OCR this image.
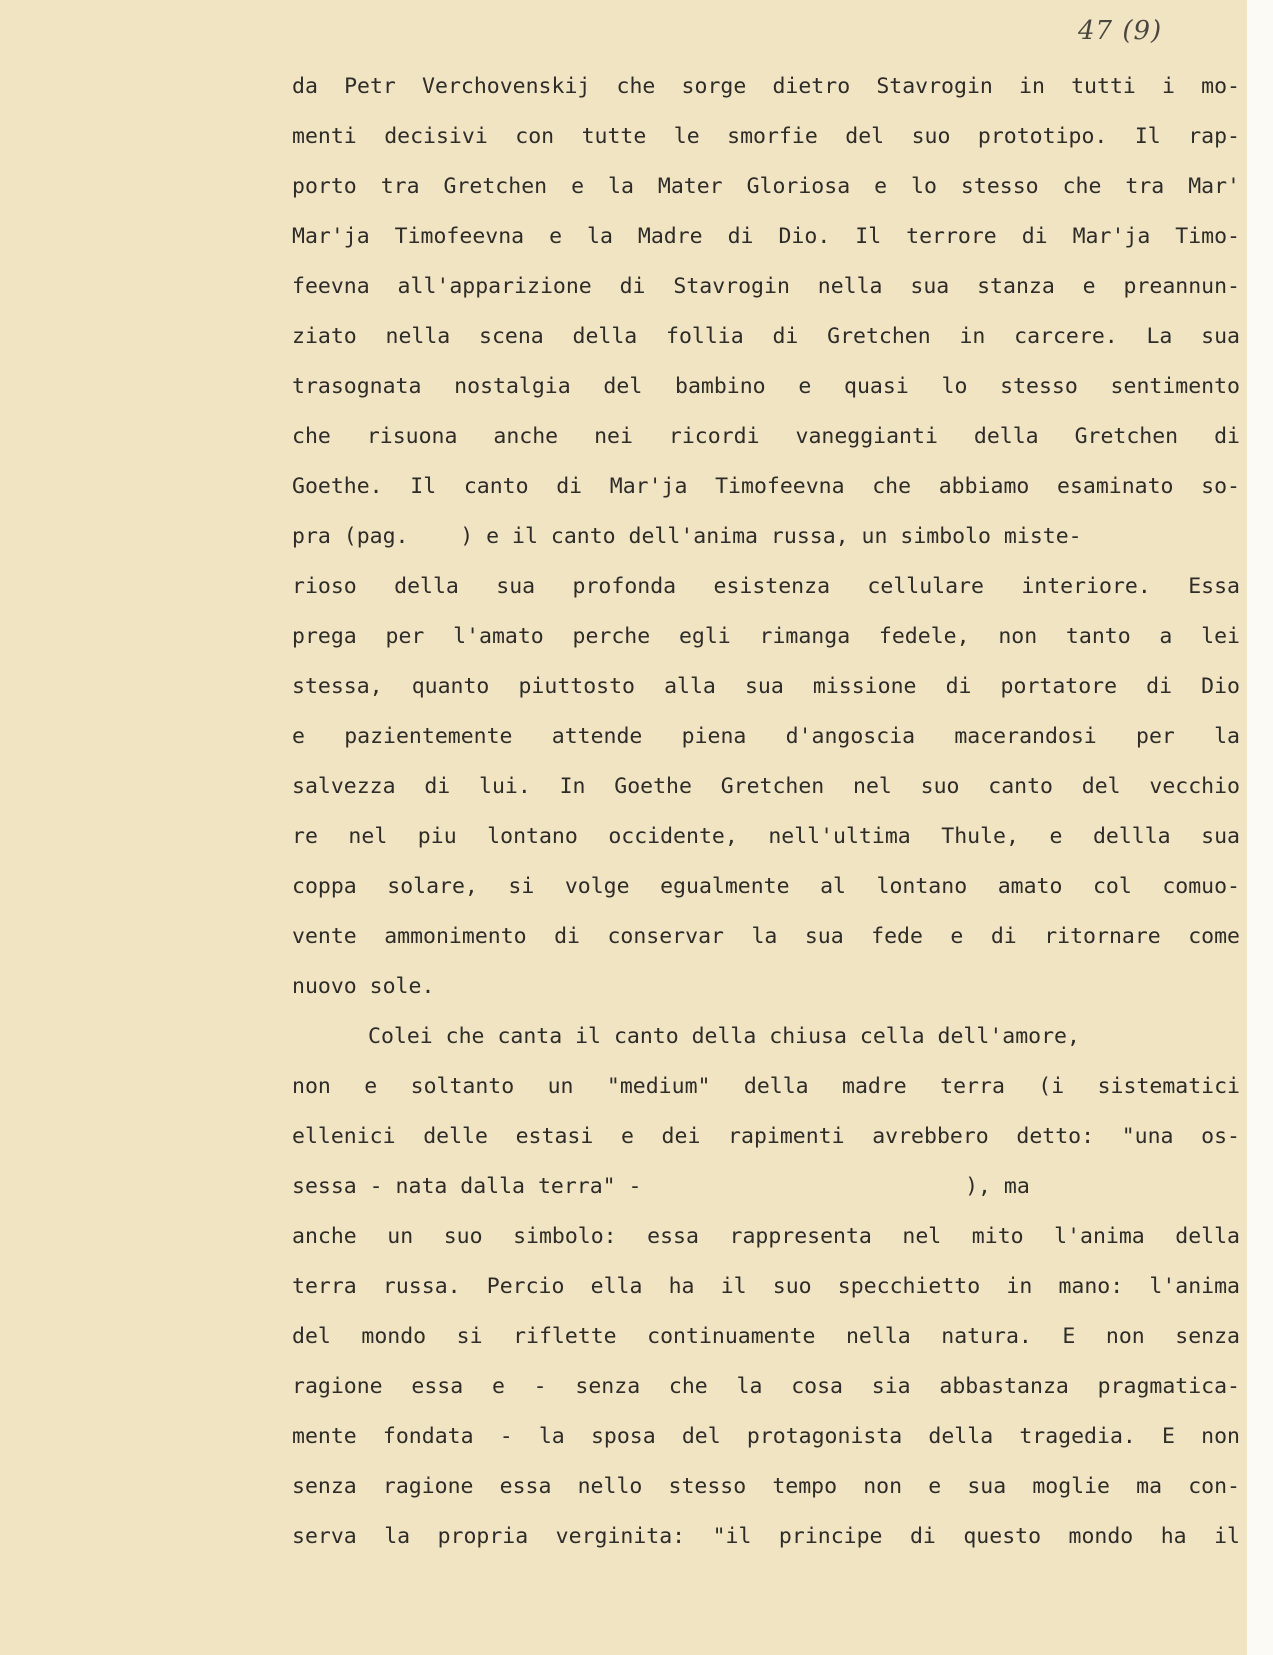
47 (9)
da Petr Verchovenskij che sorge dietro Stavrogin in tutti i mo-
menti decisivi con tutte le smorfie del suo prototipo. Il rap-
porto tra Gretchen e la Mater Gloriosa e lo stesso che tra Mar'
Mar'ja Timofeevna e la Madre di Dio. Il terrore di Mar'ja Timo-
feevna all'apparizione di Stavrogin nella sua stanza e preannun-
ziato nella scena della follia di Gretchen in carcere. La sua
trasognata nostalgia del bambino e quasi lo stesso sentimento
che risuona anche nei ricordi vaneggianti della Gretchen di
Goethe. Il canto di Mar'ja Timofeevna che abbiamo esaminato so-
pra (pag.    ) e il canto dell'anima russa, un simbolo miste-
rioso della sua profonda esistenza cellulare interiore. Essa
prega per l'amato perche egli rimanga fedele, non tanto a lei
stessa, quanto piuttosto alla sua missione di portatore di Dio
e pazientemente attende piena d'angoscia macerandosi per la
salvezza di lui. In Goethe Gretchen nel suo canto del vecchio
re nel piu lontano occidente, nell'ultima Thule, e dellla sua
coppa solare, si volge egualmente al lontano amato col comuo-
vente ammonimento di conservar la sua fede e di ritornare come
nuovo sole.
Colei che canta il canto della chiusa cella dell'amore,
non e soltanto un "medium" della madre terra (i sistematici
ellenici delle estasi e dei rapimenti avrebbero detto: "una os-
sessa - nata dalla terra" -                         ), ma
anche un suo simbolo: essa rappresenta nel mito l'anima della
terra russa. Percio ella ha il suo specchietto in mano: l'anima
del mondo si riflette continuamente nella natura. E non senza
ragione essa e - senza che la cosa sia abbastanza pragmatica-
mente fondata - la sposa del protagonista della tragedia. E non
senza ragione essa nello stesso tempo non e sua moglie ma con-
serva la propria verginita: "il principe di questo mondo ha il
